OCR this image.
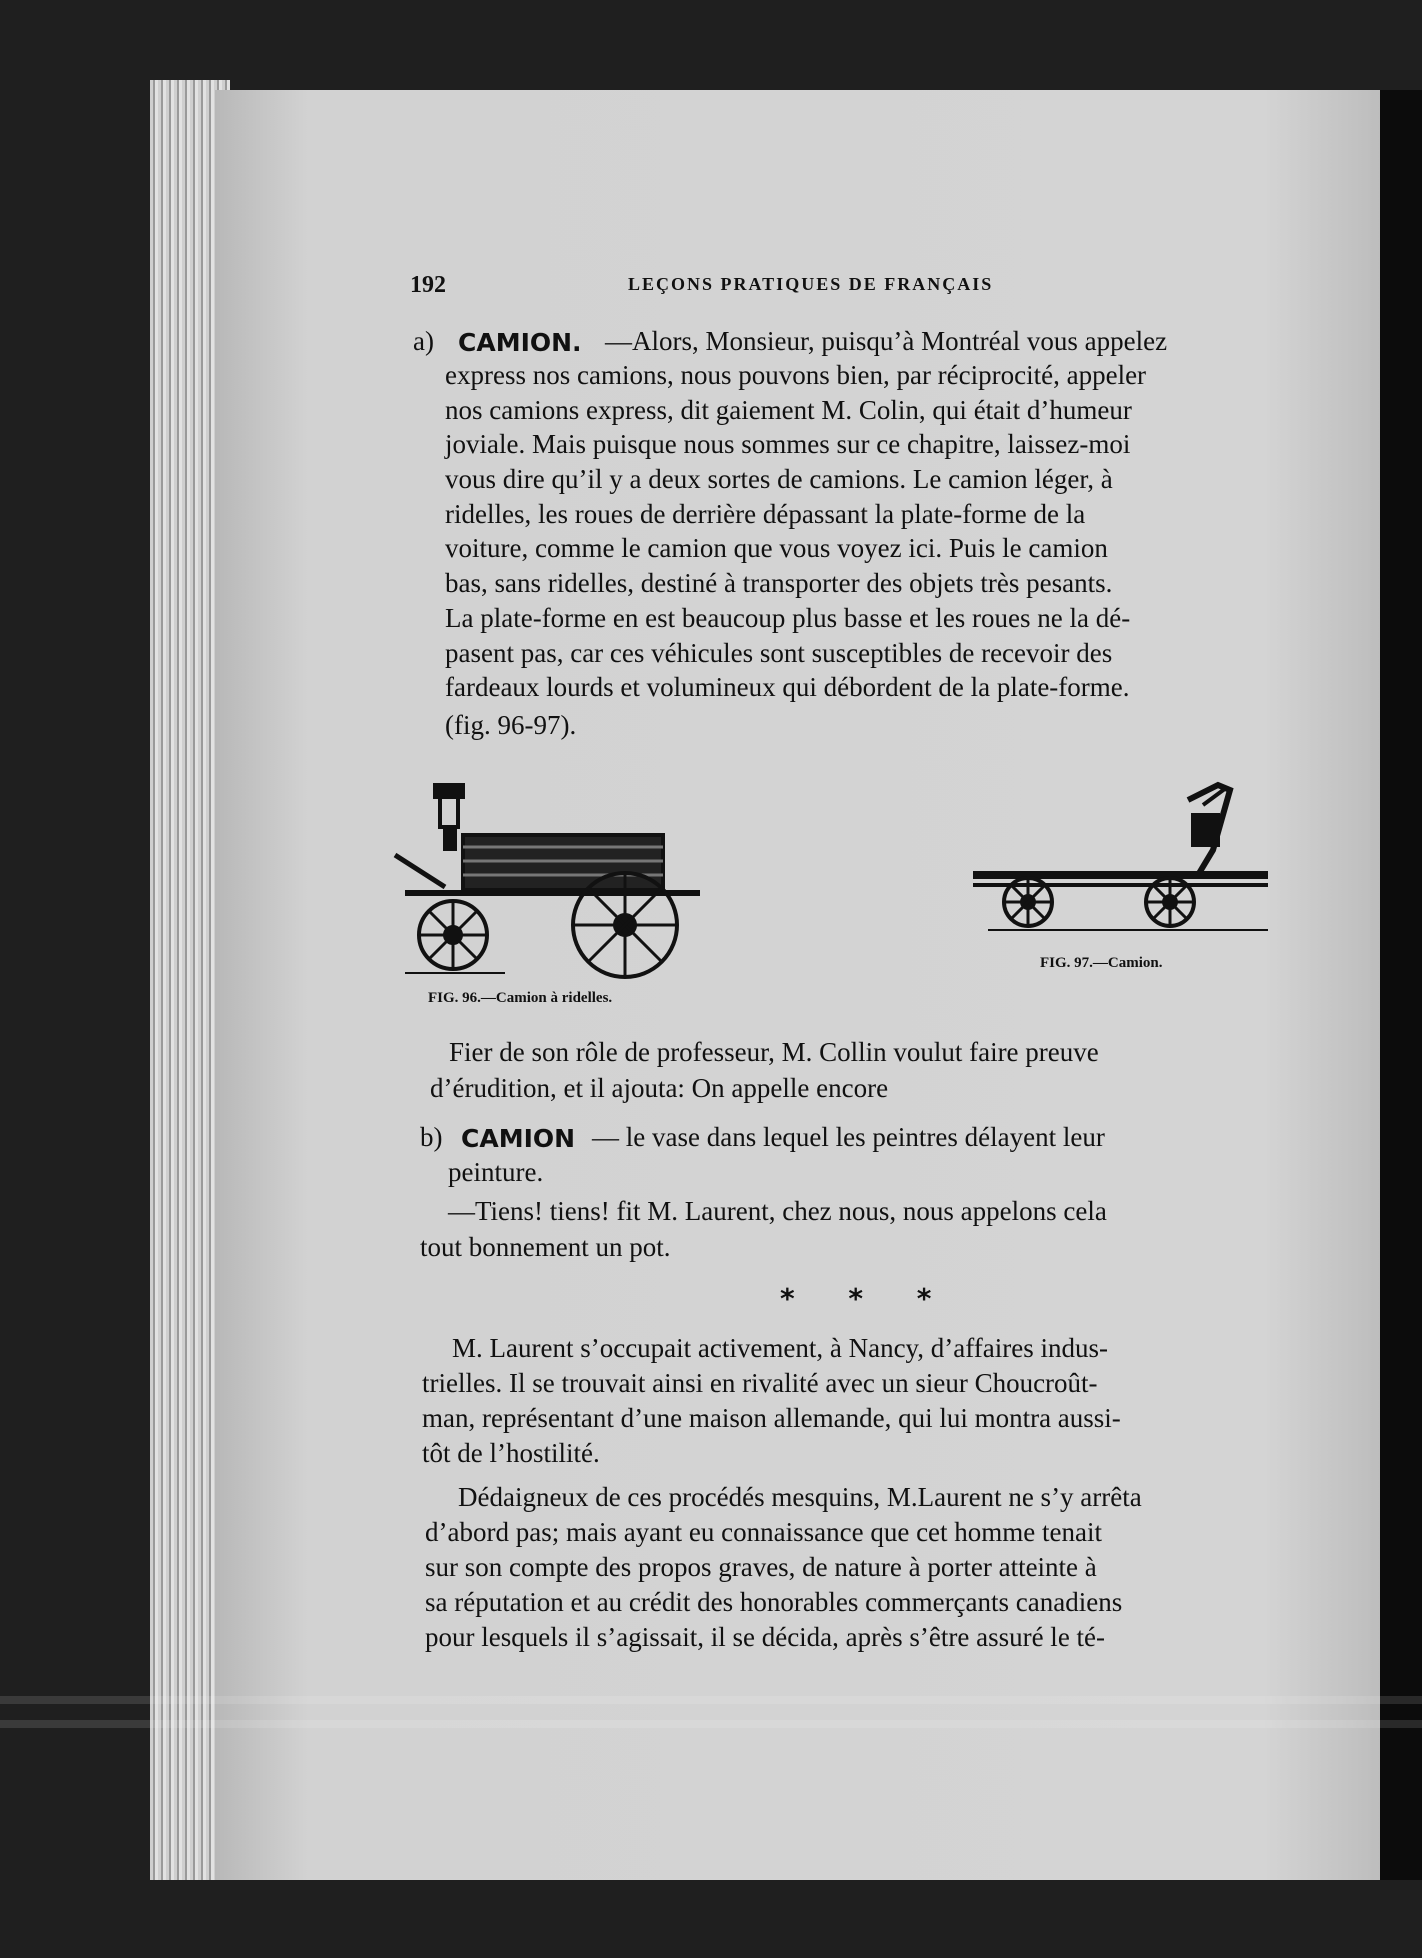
192	LEÇONS PRATIQUES DE FRANÇAIS
a) CAMION. —Alors, Monsieur, puisqu’à Montréal vous appelez
express nos camions, nous pouvons bien, par réciprocité, appeler
nos camions express, dit gaiement M. Colin, qui était d’humeur
joviale. Mais puisque nous sommes sur ce chapitre, laissez-moi
vous dire qu’il y a deux sortes de camions. Le camion léger, à
ridelles, les roues de derrière dépassant la plate-forme de la
voiture, comme le camion que vous voyez ici. Puis le camion
bas, sans ridelles, destiné à transporter des objets très pesants.
La plate-forme en est beaucoup plus basse et les roues ne la dé-
pasent pas, car ces véhicules sont susceptibles de recevoir des
fardeaux lourds et volumineux qui débordent de la plate-forme.
(fig. 96-97).
FIG. 96.—Camion à ridelles.
FIG. 97.—Camion.
Fier de son rôle de professeur, M. Collin voulut faire preuve
d’érudition, et il ajouta: On appelle encore
b) CAMION — le vase dans lequel les peintres délayent leur
peinture.
—Tiens! tiens! fit M. Laurent, chez nous, nous appelons cela
tout bonnement un pot.
* * *
M. Laurent s’occupait activement, à Nancy, d’affaires indus-
trielles. Il se trouvait ainsi en rivalité avec un sieur Choucroût-
man, représentant d’une maison allemande, qui lui montra aussi-
tôt de l’hostilité.
Dédaigneux de ces procédés mesquins, M.Laurent ne s’y arrêta
d’abord pas; mais ayant eu connaissance que cet homme tenait
sur son compte des propos graves, de nature à porter atteinte à
sa réputation et au crédit des honorables commerçants canadiens
pour lesquels il s’agissait, il se décida, après s’être assuré le té-
